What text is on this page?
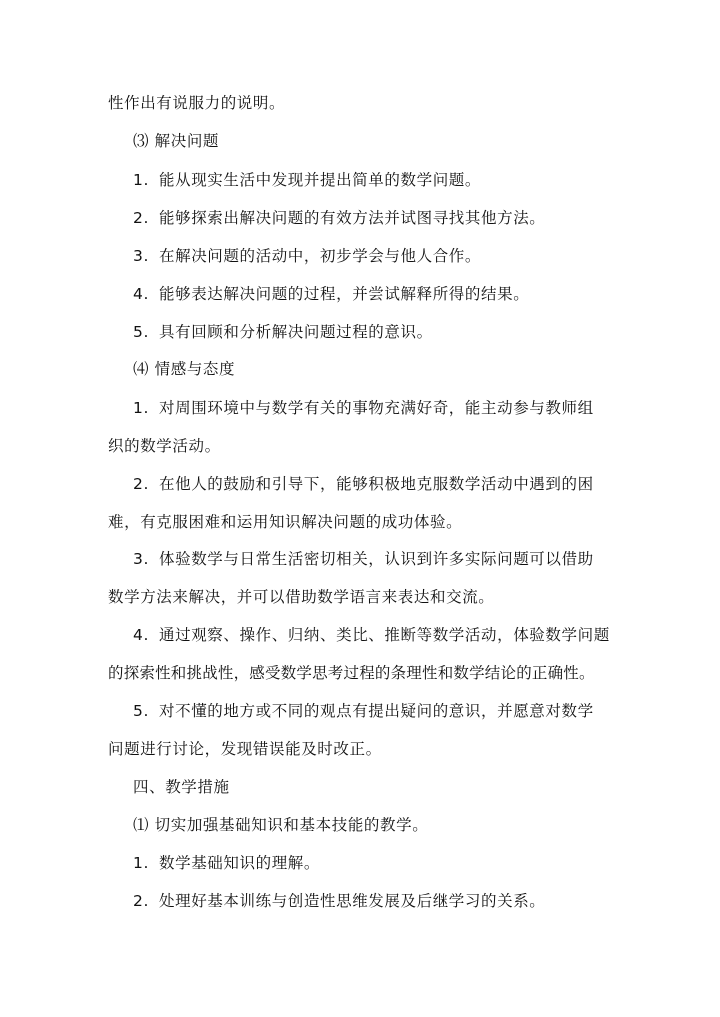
性作出有说服力的说明。
⑶ 解决问题
1. 能从现实生活中发现并提出简单的数学问题。
2. 能够探索出解决问题的有效方法并试图寻找其他方法。
3. 在解决问题的活动中，初步学会与他人合作。
4. 能够表达解决问题的过程，并尝试解释所得的结果。
5. 具有回顾和分析解决问题过程的意识。
⑷ 情感与态度
1. 对周围环境中与数学有关的事物充满好奇，能主动参与教师组
织的数学活动。
2. 在他人的鼓励和引导下，能够积极地克服数学活动中遇到的困
难，有克服困难和运用知识解决问题的成功体验。
3. 体验数学与日常生活密切相关，认识到许多实际问题可以借助
数学方法来解决，并可以借助数学语言来表达和交流。
4. 通过观察、操作、归纳、类比、推断等数学活动，体验数学问题
的探索性和挑战性，感受数学思考过程的条理性和数学结论的正确性。
5. 对不懂的地方或不同的观点有提出疑问的意识，并愿意对数学
问题进行讨论，发现错误能及时改正。
四、教学措施
⑴ 切实加强基础知识和基本技能的教学。
1. 数学基础知识的理解。
2. 处理好基本训练与创造性思维发展及后继学习的关系。
